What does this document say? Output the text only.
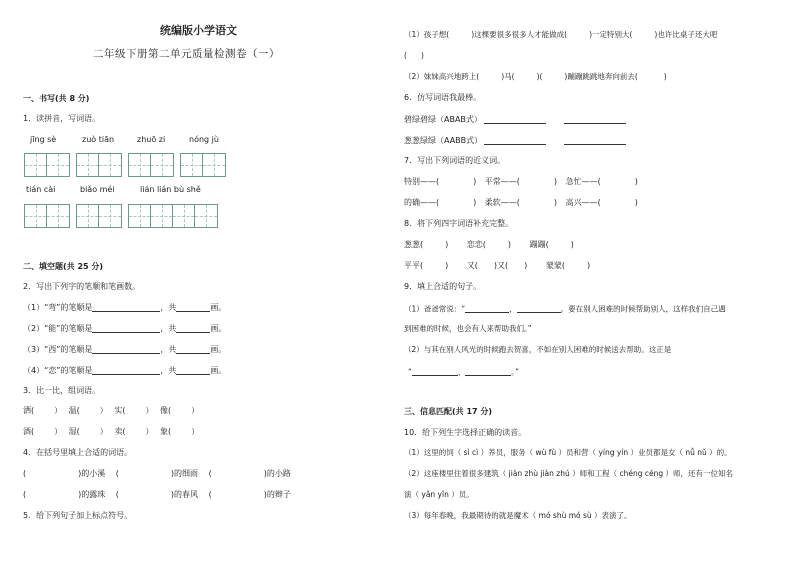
统编版小学语文
二年级下册第二单元质量检测卷（一）
一、书写(共 8 分)
1．读拼音，写词语。
jīng sè	zuò tiān	zhuō zi	nóng jù
tián cài	biǎo méi	lián lián bù shě
二、填空题(共 25 分)
2．写出下列字的笔顺和笔画数。
（1）“弯”的笔顺是	，共	画。
（2）“能”的笔顺是	，共	画。
（3）“西”的笔顺是	，共	画。
（4）“恋”的笔顺是	，共	画。
3．比一比，组词语。
洒(	） 温(	） 实(	） 像(	）
酒(	） 湿(	） 卖(	） 象(	）
4．在括号里填上合适的词语。
(	)的小溪 (	)的细雨 (	)的小路
(	)的露珠 (	)的春风 (	)的辫子
5．给下列句子加上标点符号。
（1）孩子想(	)这棵要很多很多人才能做成(	)一定特别大(	)也许比桌子还大吧
( )
（2）妹妹高兴地跨上(	)马(	)(	)蹦蹦跳跳地奔向前去(	)
6．仿写词语我最棒。
碧绿碧绿（ABAB式）
葱葱绿绿（AABB式）
7．写出下列词语的近义词。
特别——(	) 平常——(	) 急忙——(	)
的确——(	) 柔软——(	) 高兴——(	)
8．将下列四字词语补充完整。
葱葱(	) 恋恋(	) 蹦蹦(	)
平平(	) 又( )又( ) 蒙蒙(	)
9．填上合适的句子。
（1）爸爸常说：“	，	。要在别人困难的时候帮助别人，这样我们自己遇
到困难的时候，也会有人来帮助我们。”
（2）与其在别人风光的时候跑去贺喜，不如在别人困难的时候送去帮助。这正是
“	，	。”
三、信息匹配(共 17 分)
10．给下列生字选择正确的读音。
（1）这里的饲（ sì cì ）养员，服务（ wù fù ）员和营（ yíng yín ）业员都是女（ nǚ nǔ ）的。
（2）这座楼里住着很多建筑（ jiàn zhù jiàn zhú ）师和工程（ chéng céng ）师，还有一位知名
演（ yǎn yǐn ）员。
（3）每年春晚，我最期待的就是魔术（ mó shù mó sù ）表演了。
